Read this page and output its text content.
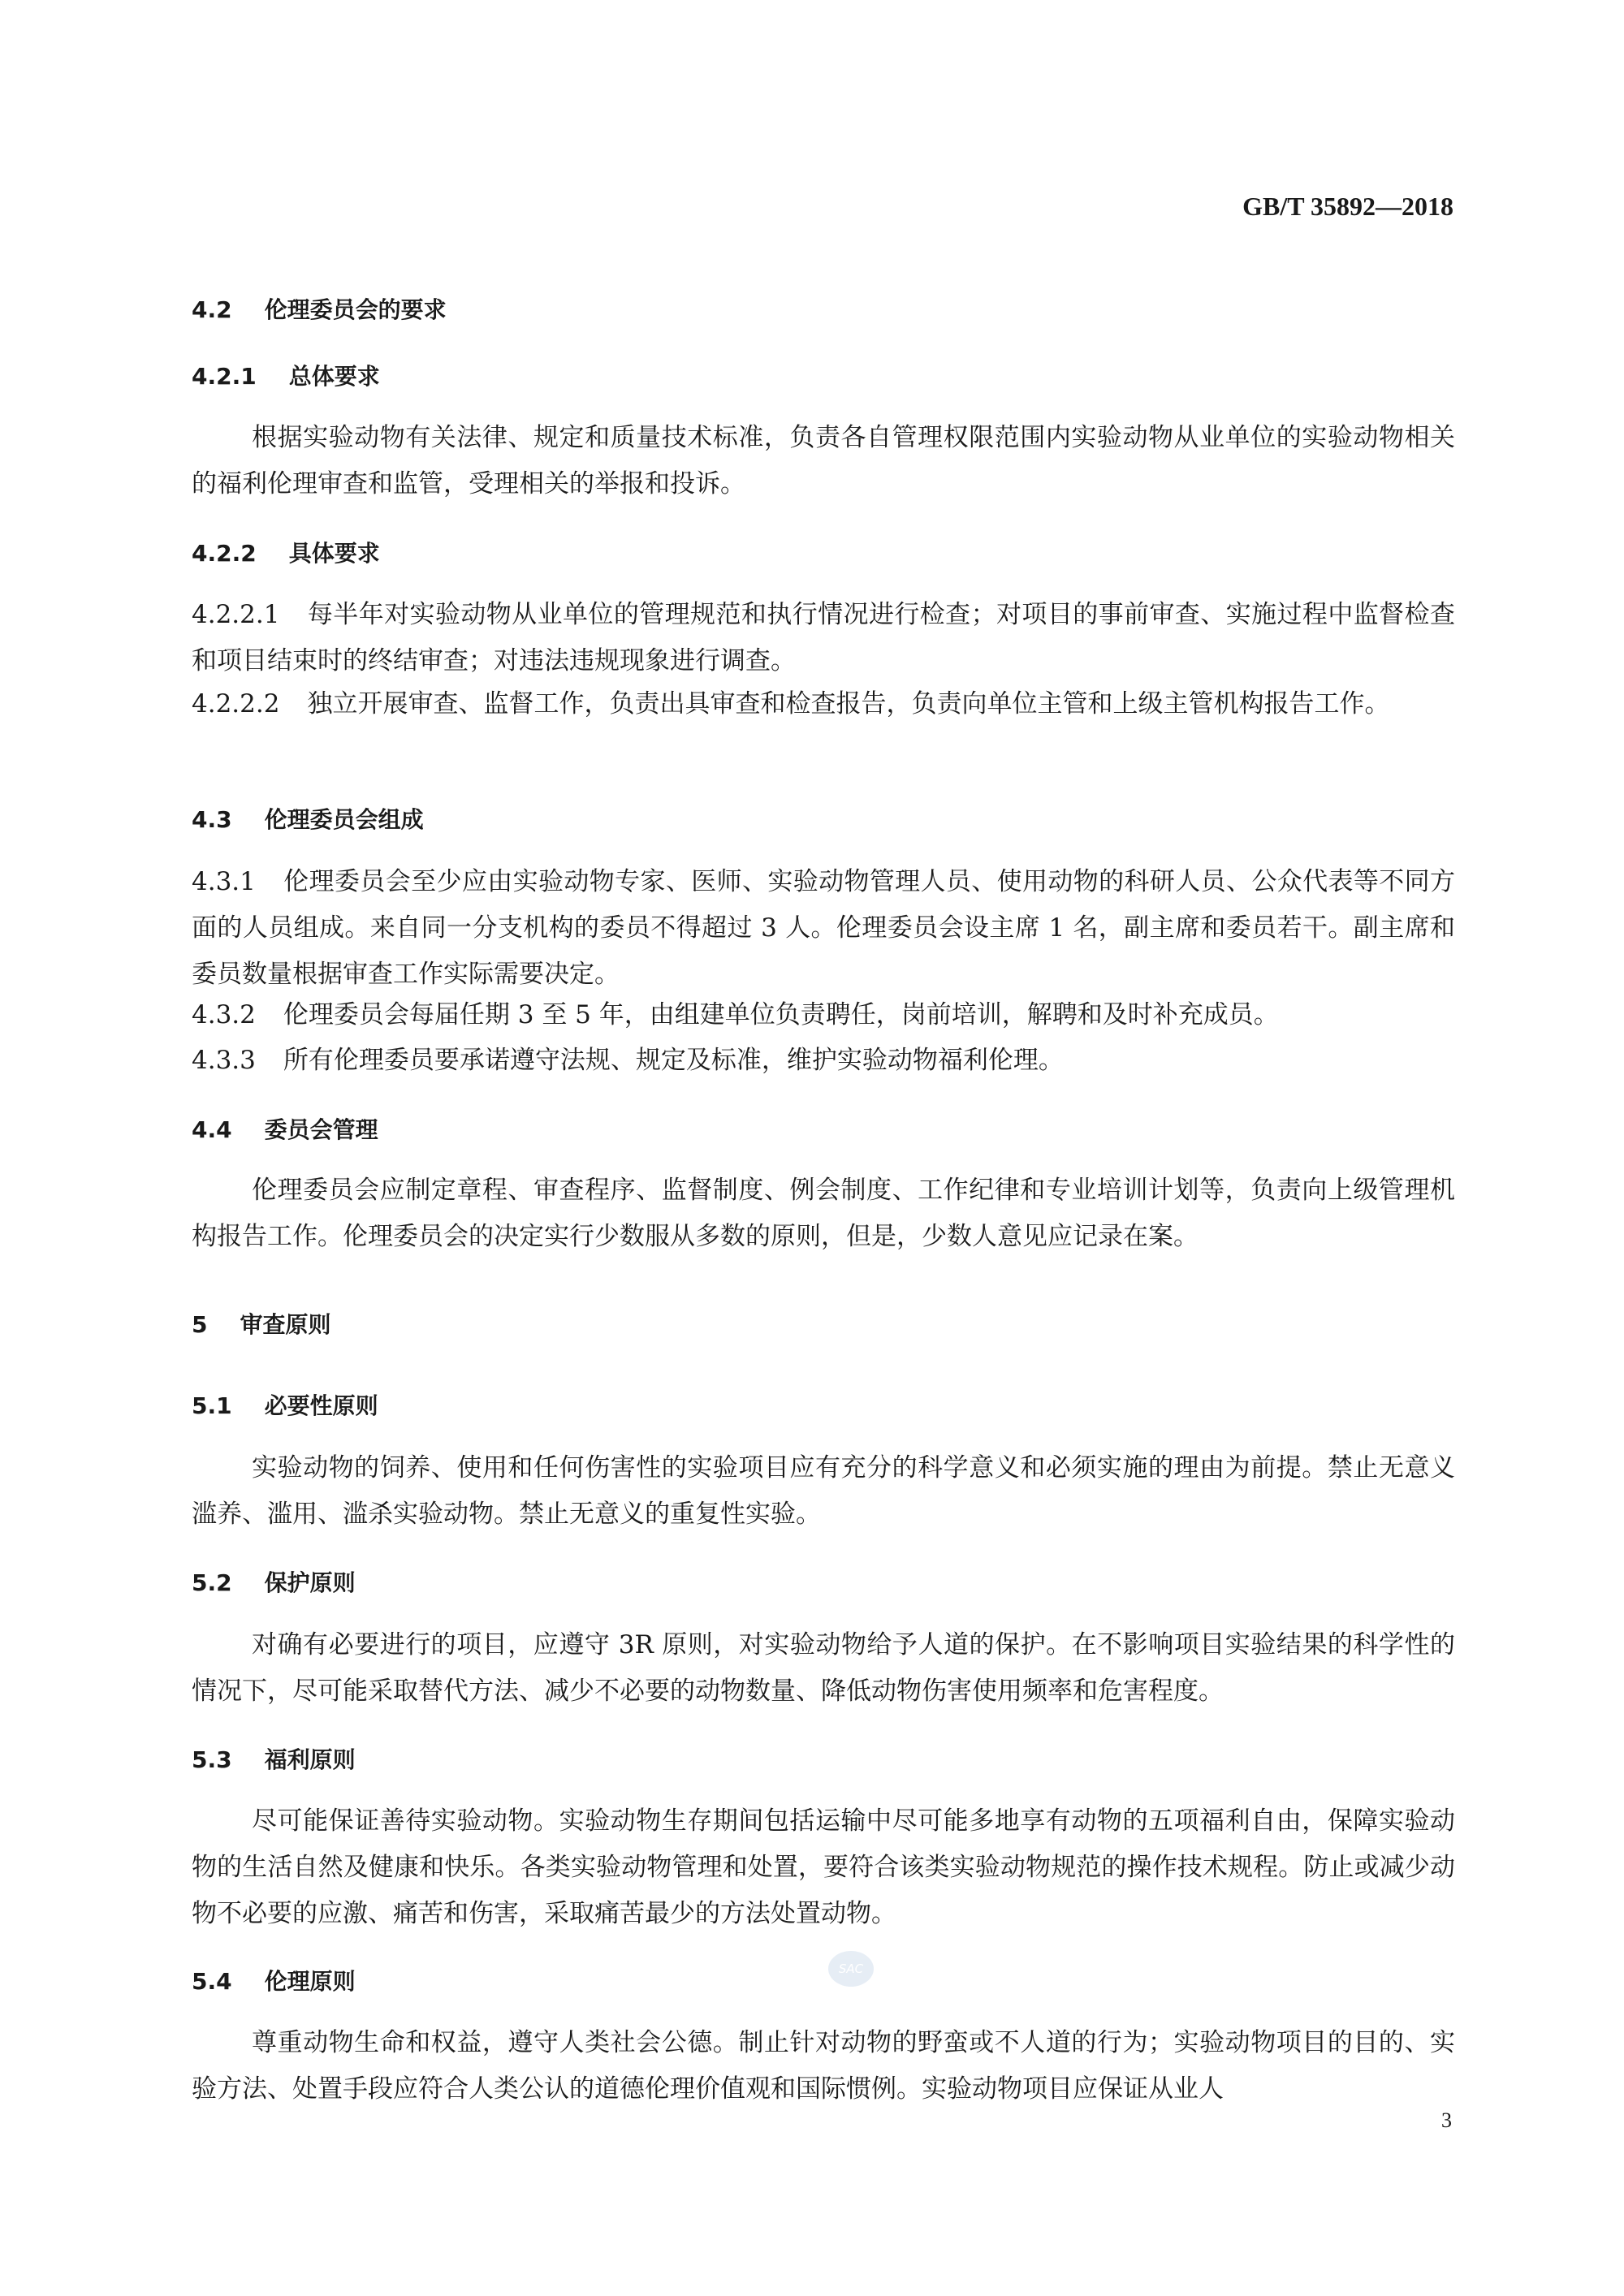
GB/T 35892—2018
4.2 伦理委员会的要求
4.2.1 总体要求
根据实验动物有关法律、规定和质量技术标准，负责各自管理权限范围内实验动物从业单位的实验动物相关的福利伦理审查和监管，受理相关的举报和投诉。
4.2.2 具体要求
4.2.2.1 每半年对实验动物从业单位的管理规范和执行情况进行检查；对项目的事前审查、实施过程中监督检查和项目结束时的终结审查；对违法违规现象进行调查。
4.2.2.2 独立开展审查、监督工作，负责出具审查和检查报告，负责向单位主管和上级主管机构报告工作。
4.3 伦理委员会组成
4.3.1 伦理委员会至少应由实验动物专家、医师、实验动物管理人员、使用动物的科研人员、公众代表等不同方面的人员组成。来自同一分支机构的委员不得超过 3 人。伦理委员会设主席 1 名，副主席和委员若干。副主席和委员数量根据审查工作实际需要决定。
4.3.2 伦理委员会每届任期 3 至 5 年，由组建单位负责聘任，岗前培训，解聘和及时补充成员。
4.3.3 所有伦理委员要承诺遵守法规、规定及标准，维护实验动物福利伦理。
4.4 委员会管理
伦理委员会应制定章程、审查程序、监督制度、例会制度、工作纪律和专业培训计划等，负责向上级管理机构报告工作。伦理委员会的决定实行少数服从多数的原则，但是，少数人意见应记录在案。
5 审查原则
5.1 必要性原则
实验动物的饲养、使用和任何伤害性的实验项目应有充分的科学意义和必须实施的理由为前提。禁止无意义滥养、滥用、滥杀实验动物。禁止无意义的重复性实验。
5.2 保护原则
对确有必要进行的项目，应遵守 3R 原则，对实验动物给予人道的保护。在不影响项目实验结果的科学性的情况下，尽可能采取替代方法、减少不必要的动物数量、降低动物伤害使用频率和危害程度。
5.3 福利原则
尽可能保证善待实验动物。实验动物生存期间包括运输中尽可能多地享有动物的五项福利自由，保障实验动物的生活自然及健康和快乐。各类实验动物管理和处置，要符合该类实验动物规范的操作技术规程。防止或减少动物不必要的应激、痛苦和伤害，采取痛苦最少的方法处置动物。
SAC
5.4 伦理原则
尊重动物生命和权益，遵守人类社会公德。制止针对动物的野蛮或不人道的行为；实验动物项目的目的、实验方法、处置手段应符合人类公认的道德伦理价值观和国际惯例。实验动物项目应保证从业人
3
